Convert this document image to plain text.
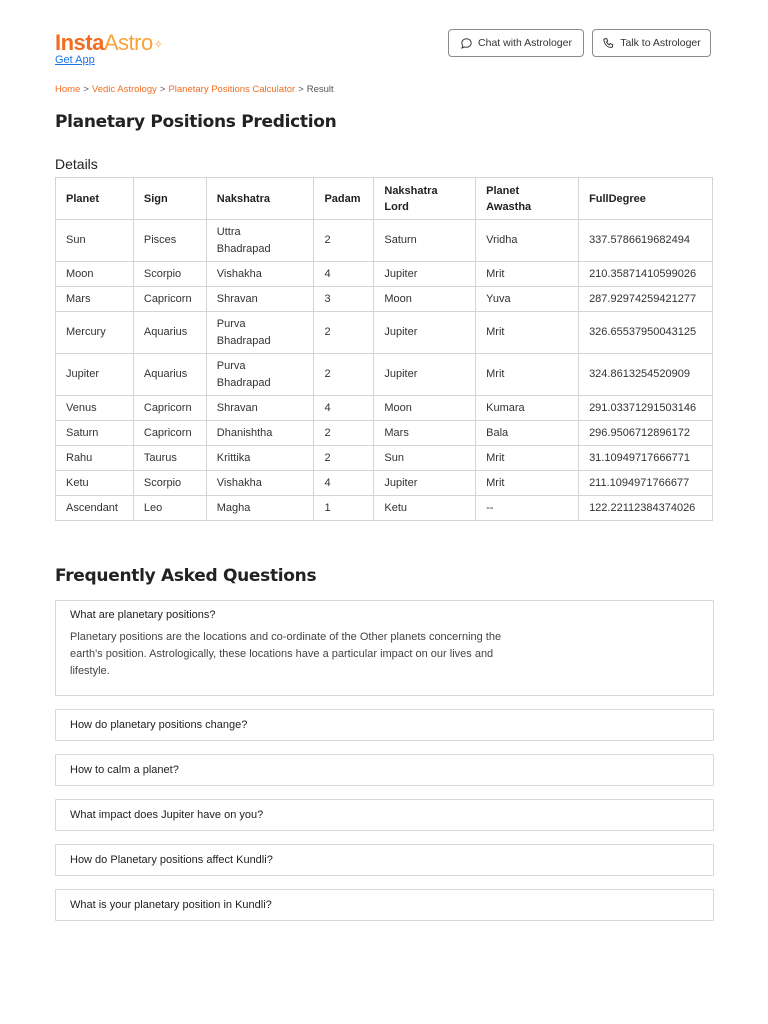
InstaAstro✧
Get App
Chat with Astrologer	Talk to Astrologer
Home > Vedic Astrology > Planetary Positions Calculator > Result
Planetary Positions Prediction
Details
Planet	Sign	Nakshatra	Padam	Nakshatra Lord	Planet Awastha	FullDegree
Sun	Pisces	Uttra Bhadrapad	2	Saturn	Vridha	337.5786619682494
Moon	Scorpio	Vishakha	4	Jupiter	Mrit	210.35871410599026
Mars	Capricorn	Shravan	3	Moon	Yuva	287.92974259421277
Mercury	Aquarius	Purva Bhadrapad	2	Jupiter	Mrit	326.65537950043125
Jupiter	Aquarius	Purva Bhadrapad	2	Jupiter	Mrit	324.8613254520909
Venus	Capricorn	Shravan	4	Moon	Kumara	291.03371291503146
Saturn	Capricorn	Dhanishtha	2	Mars	Bala	296.9506712896172
Rahu	Taurus	Krittika	2	Sun	Mrit	31.10949717666771
Ketu	Scorpio	Vishakha	4	Jupiter	Mrit	211.1094971766677
Ascendant	Leo	Magha	1	Ketu	--	122.22112384374026
Frequently Asked Questions
What are planetary positions?
Planetary positions are the locations and co-ordinate of the Other planets concerning the earth's position. Astrologically, these locations have a particular impact on our lives and lifestyle.
How do planetary positions change?
How to calm a planet?
What impact does Jupiter have on you?
How do Planetary positions affect Kundli?
What is your planetary position in Kundli?
